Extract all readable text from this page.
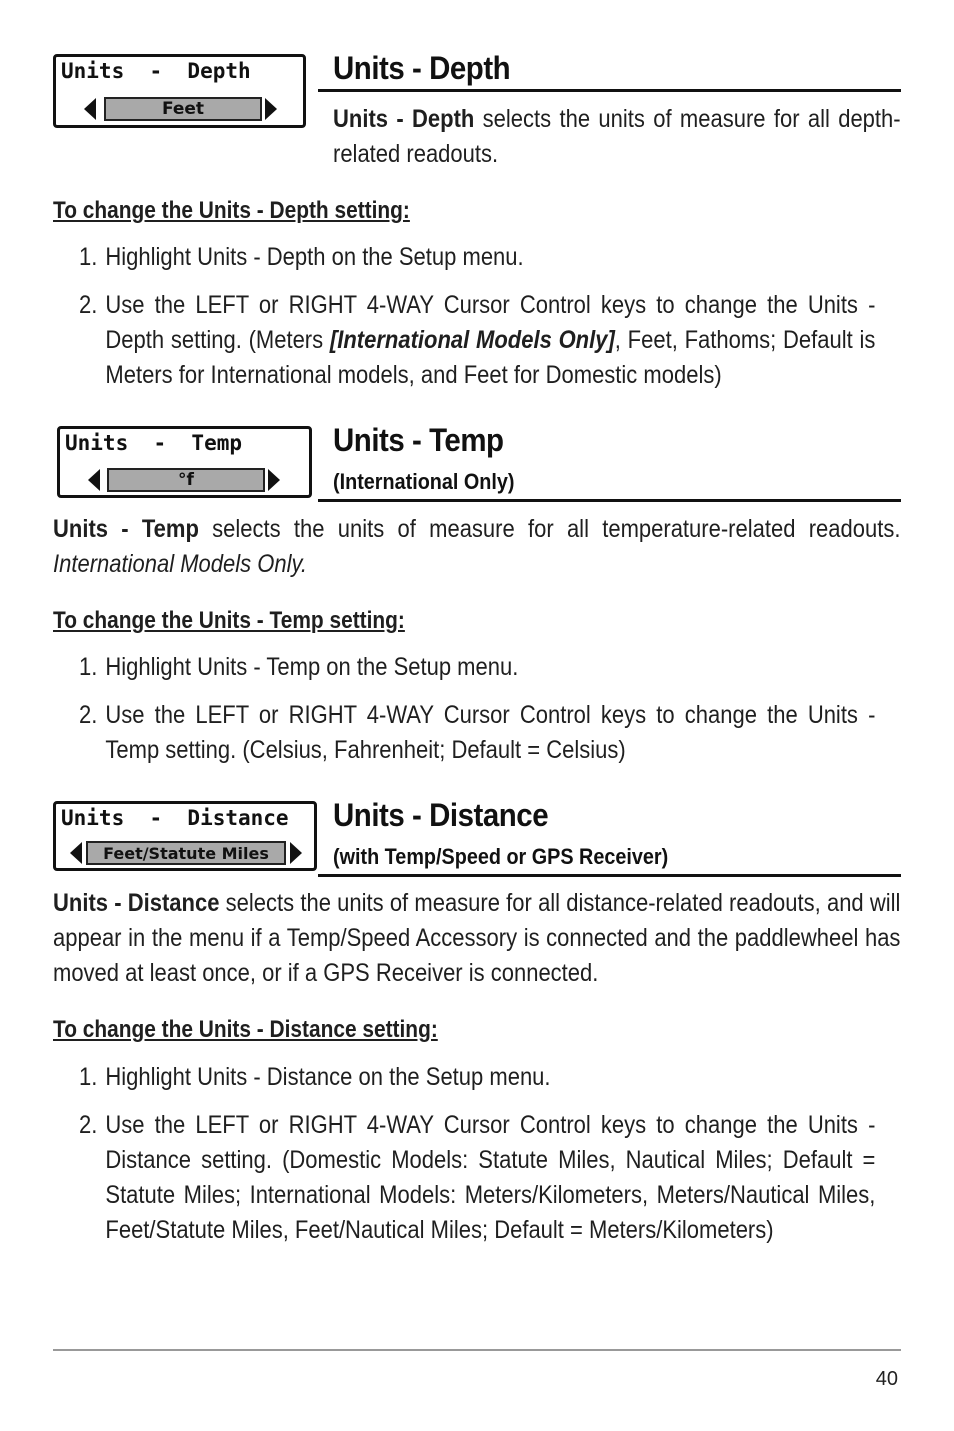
Units  -  Depth
Feet
Units - Depth
Units - Depth selects the units of measure for all depth-related readouts.
To change the Units - Depth setting:
1. Highlight Units - Depth on the Setup menu.
2. Use the LEFT or RIGHT 4-WAY Cursor Control keys to change the Units - Depth setting. (Meters [International Models Only], Feet, Fathoms; Default is Meters for International models, and Feet for Domestic models)
Units  -  Temp
°f
Units - Temp
(International Only)
Units - Temp selects the units of measure for all temperature-related readouts. International Models Only.
To change the Units - Temp setting:
1. Highlight Units - Temp on the Setup menu.
2. Use the LEFT or RIGHT 4-WAY Cursor Control keys to change the Units - Temp setting. (Celsius, Fahrenheit; Default = Celsius)
Units  -  Distance
Feet/Statute Miles
Units - Distance
(with Temp/Speed or GPS Receiver)
Units - Distance selects the units of measure for all distance-related readouts, and will appear in the menu if a Temp/Speed Accessory is connected and the paddlewheel has moved at least once, or if a GPS Receiver is connected.
To change the Units - Distance setting:
1. Highlight Units - Distance on the Setup menu.
2. Use the LEFT or RIGHT 4-WAY Cursor Control keys to change the Units - Distance setting. (Domestic Models: Statute Miles, Nautical Miles; Default = Statute Miles; International Models: Meters/Kilometers, Meters/Nautical Miles, Feet/Statute Miles, Feet/Nautical Miles; Default = Meters/Kilometers)
40
